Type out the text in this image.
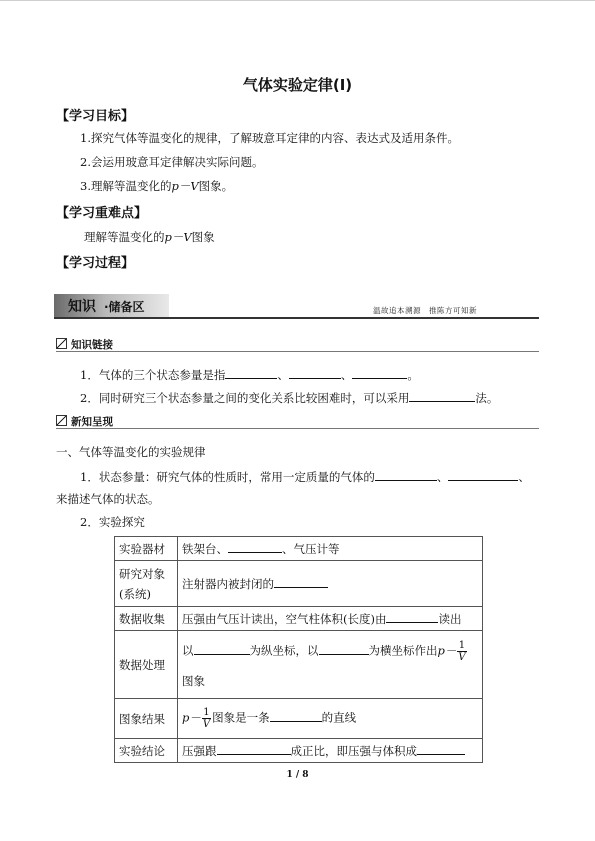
气体实验定律(Ⅰ)
【学习目标】
1.探究气体等温变化的规律，了解玻意耳定律的内容、表达式及适用条件。
2.会运用玻意耳定律解决实际问题。
3.理解等温变化的p－V图象。
【学习重难点】
理解等温变化的p－V图象
【学习过程】
知识 ·储备区	温故追本溯源　推陈方可知新
知识链接
1．气体的三个状态参量是指	、	、	。
2．同时研究三个状态参量之间的变化关系比较困难时，可以采用	法。
新知呈现
一、气体等温变化的实验规律
1．状态参量：研究气体的性质时，常用一定质量的气体的	、	、
来描述气体的状态。
2．实验探究
实验器材	铁架台、 、气压计等

研究对象
(系统)	注射器内被封闭的
数据收集	压强由气压计读出，空气柱体积(长度)由 读出
数据处理	以 为纵坐标，以 为横坐标作出$p- \frac{1}{V}$
图象

图象结果	$p- \frac{1}{V}$ 图象是一条 的直线
实验结论	压强跟 成正比，即压强与体积成
1 / 8
